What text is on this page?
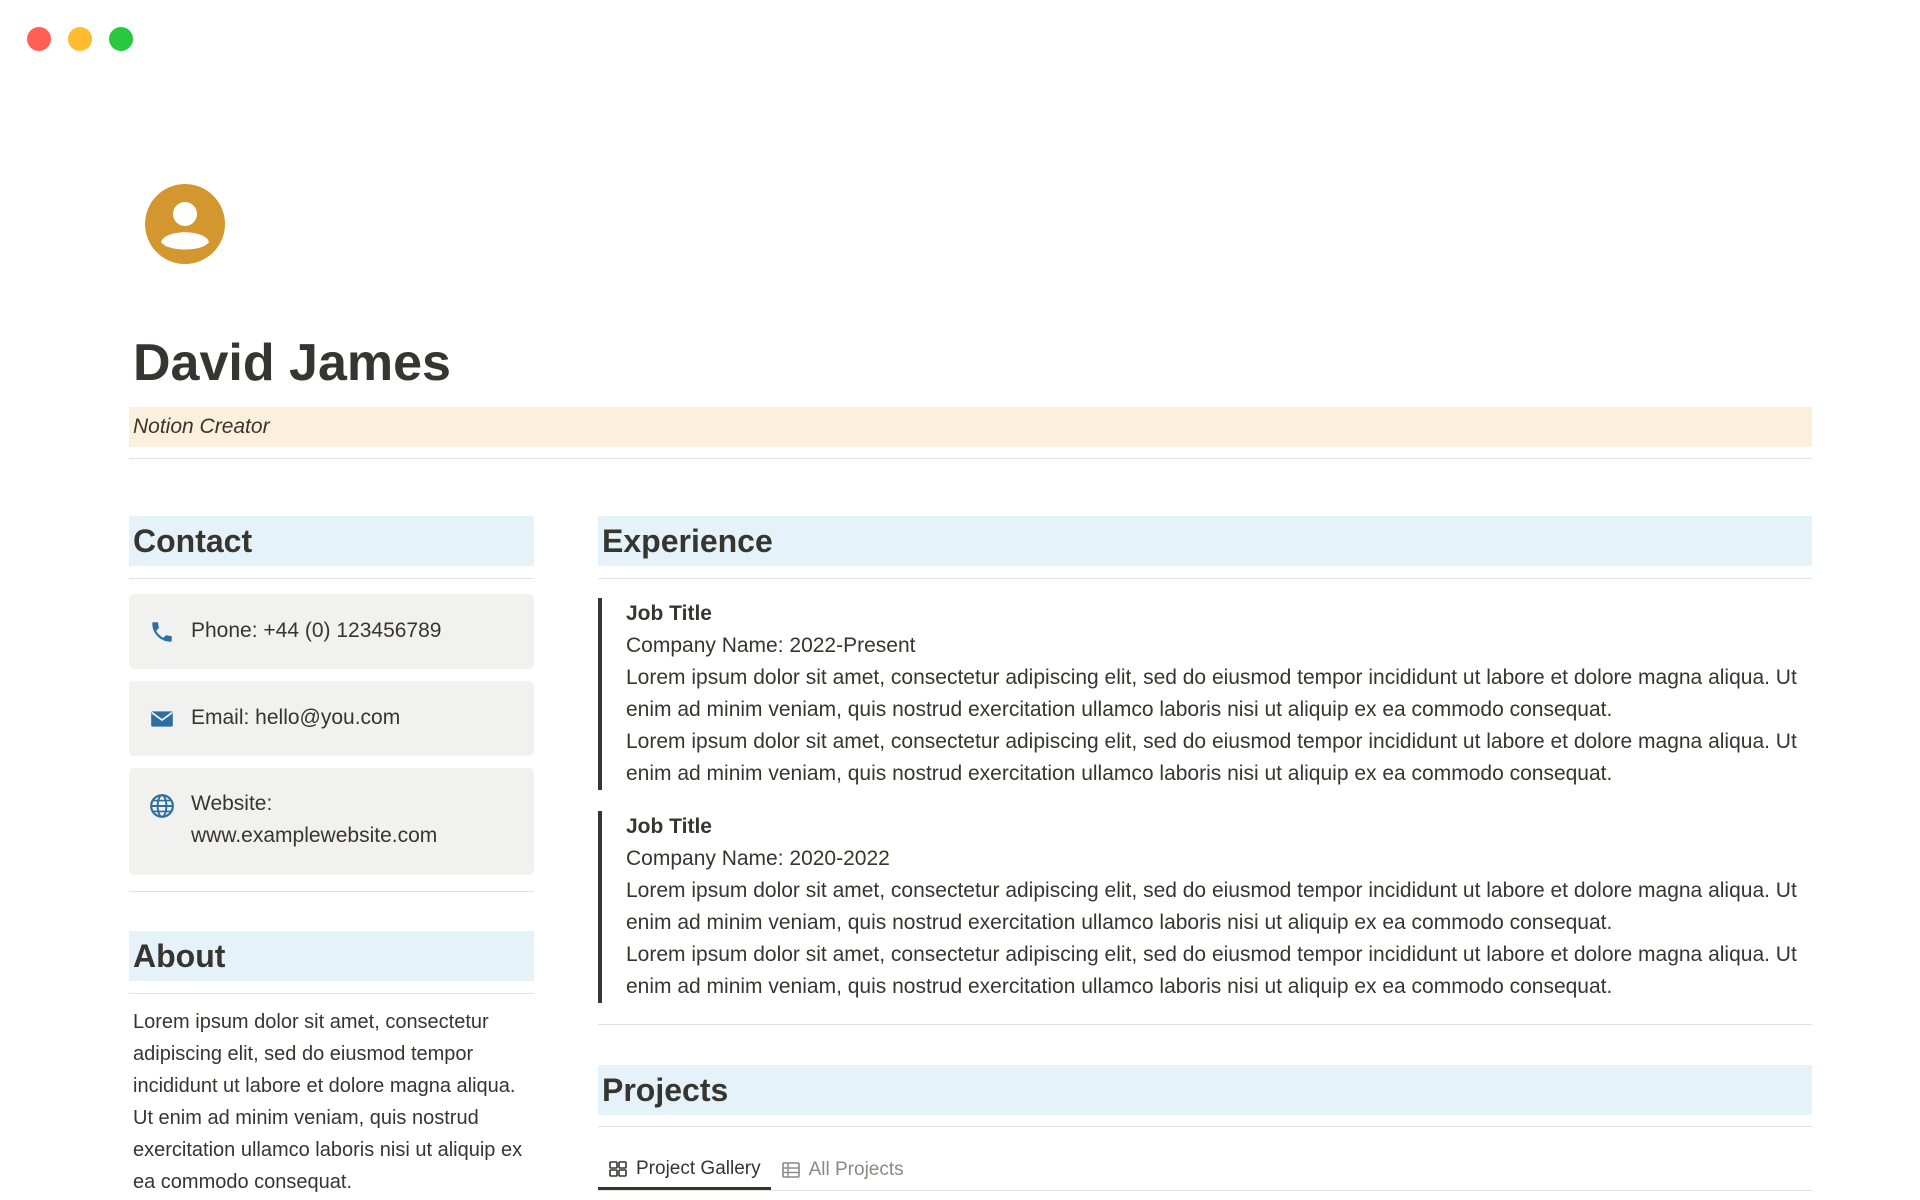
David James
Notion Creator
Contact
Phone: +44 (0) 123456789
Email: hello@you.com
Website:
www.examplewebsite.com
About

Lorem ipsum dolor sit amet, consectetur adipiscing elit, sed do eiusmod tempor incididunt ut labore et dolore magna aliqua. Ut enim ad minim veniam, quis nostrud exercitation ullamco laboris nisi ut aliquip ex ea commodo consequat.

Experience
Job Title
Company Name: 2022-Present
Lorem ipsum dolor sit amet, consectetur adipiscing elit, sed do eiusmod tempor incididunt ut labore et dolore magna aliqua. Ut enim ad minim veniam, quis nostrud exercitation ullamco laboris nisi ut aliquip ex ea commodo consequat.
Lorem ipsum dolor sit amet, consectetur adipiscing elit, sed do eiusmod tempor incididunt ut labore et dolore magna aliqua. Ut enim ad minim veniam, quis nostrud exercitation ullamco laboris nisi ut aliquip ex ea commodo consequat.
Job Title
Company Name: 2020-2022
Lorem ipsum dolor sit amet, consectetur adipiscing elit, sed do eiusmod tempor incididunt ut labore et dolore magna aliqua. Ut enim ad minim veniam, quis nostrud exercitation ullamco laboris nisi ut aliquip ex ea commodo consequat.
Lorem ipsum dolor sit amet, consectetur adipiscing elit, sed do eiusmod tempor incididunt ut labore et dolore magna aliqua. Ut enim ad minim veniam, quis nostrud exercitation ullamco laboris nisi ut aliquip ex ea commodo consequat.
Projects
Project Gallery	All Projects
